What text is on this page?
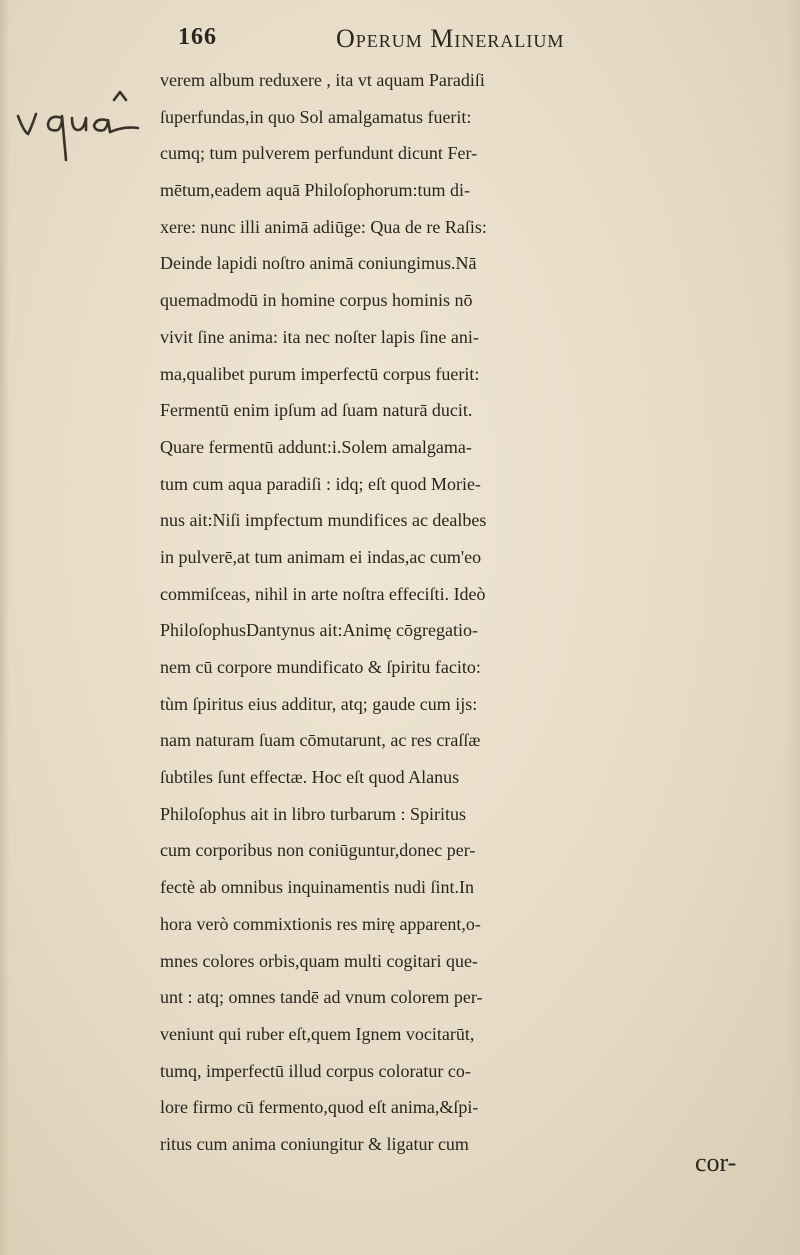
166	Operum Mineralium
verem album reduxere , ita vt aquam Paradiſi
ſuperfundas,in quo Sol amalgamatus fuerit:
cumq; tum pulverem perfundunt dicunt Fer-
mētum,eadem aquā Philoſophorum:tum di-
xere: nunc illi animā adiūge: Qua de re Raſis:
Deinde lapidi noſtro animā coniungimus.Nā
quemadmodū in homine corpus hominis nō
vivit ſine anima: ita nec noſter lapis ſine ani-
ma,qualibet purum imperfectū corpus fuerit:
Fermentū enim ipſum ad ſuam naturā ducit.
Quare fermentū addunt:i.Solem amalgama-
tum cum aqua paradiſi : idq; eſt quod Morie-
nus ait:Niſi impfectum mundifices ac dealbes
in pulverē,at tum animam ei indas,ac cum'eo
commiſceas, nihil in arte noſtra effeciſti. Ideò
PhiloſophusDantynus ait:Animę cōgregatio-
nem cū corpore mundificato & ſpiritu facito:
tùm ſpiritus eius additur, atq; gaude cum ijs:
nam naturam ſuam cōmutarunt, ac res craſſæ
ſubtiles ſunt effectæ. Hoc eſt quod Alanus
Philoſophus ait in libro turbarum : Spiritus
cum corporibus non coniūguntur,donec per-
fectè ab omnibus inquinamentis nudi ſint.In
hora verò commixtionis res mirę apparent,o-
mnes colores orbis,quam multi cogitari que-
unt : atq; omnes tandē ad vnum colorem per-
veniunt qui ruber eſt,quem Ignem vocitarūt,
tumq, imperfectū illud corpus coloratur co-
lore firmo cū fermento,quod eſt anima,&ſpi-
ritus cum anima coniungitur & ligatur cum
cor-
